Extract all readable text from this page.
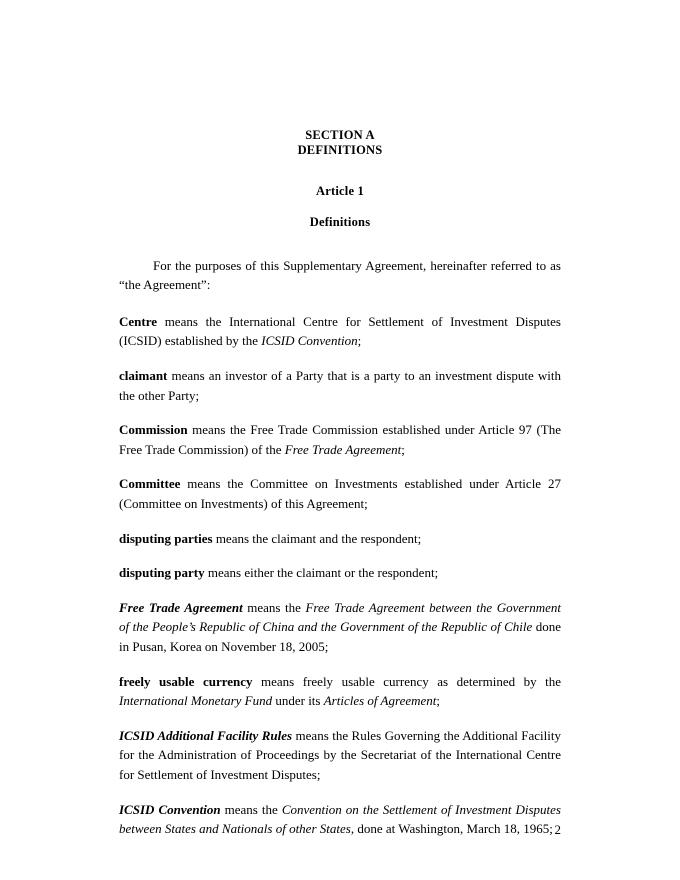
SECTION A
DEFINITIONS
Article 1
Definitions

For the purposes of this Supplementary Agreement, hereinafter referred to as “the Agreement”:

Centre means the International Centre for Settlement of Investment Disputes (ICSID) established by the ICSID Convention;

claimant means an investor of a Party that is a party to an investment dispute with the other Party;

Commission means the Free Trade Commission established under Article 97 (The Free Trade Commission) of the Free Trade Agreement;

Committee means the Committee on Investments established under Article 27 (Committee on Investments) of this Agreement;

disputing parties means the claimant and the respondent;

disputing party means either the claimant or the respondent;

Free Trade Agreement means the Free Trade Agreement between the Government of the People’s Republic of China and the Government of the Republic of Chile done in Pusan, Korea on November 18, 2005;

freely usable currency means freely usable currency as determined by the International Monetary Fund under its Articles of Agreement;

ICSID Additional Facility Rules means the Rules Governing the Additional Facility for the Administration of Proceedings by the Secretariat of the International Centre for Settlement of Investment Disputes;

ICSID Convention means the Convention on the Settlement of Investment Disputes between States and Nationals of other States, done at Washington, March 18, 1965; 2
